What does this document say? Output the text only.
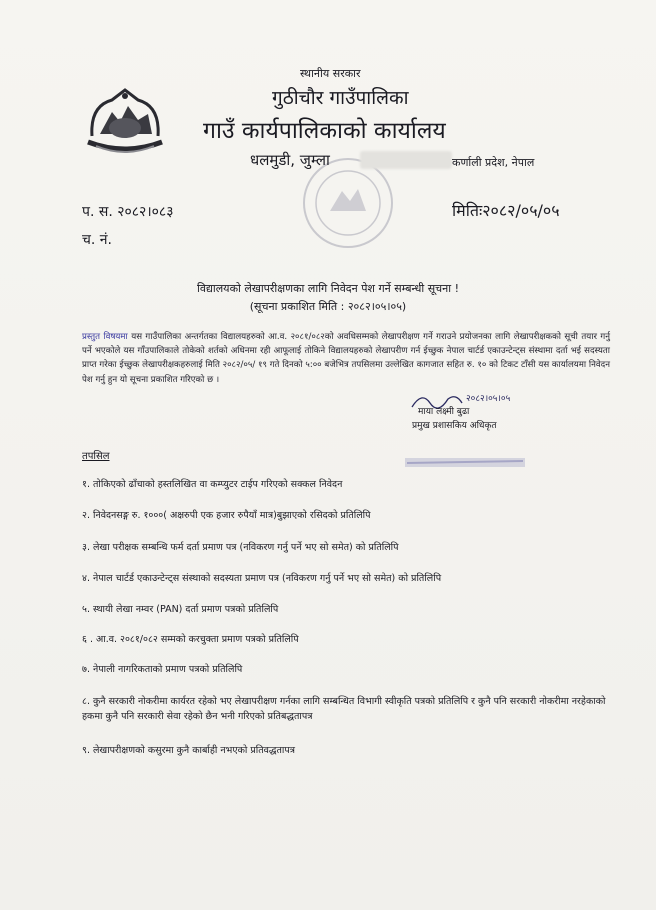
स्थानीय सरकार
गुठीचौर गाउँपालिका
गाउँ कार्यपालिकाको कार्यालय
धलमुडी, जुम्ला	कर्णाली प्रदेश, नेपाल
प. स. २०८२।०८३
च. नं.
मितिः२०८२/०५/०५
विद्यालयको लेखापरीक्षणका लागि निवेदन पेश गर्ने सम्बन्धी सूचना !
(सूचना प्रकाशित मिति : २०८२।०५।०५)
प्रस्तुत विषयमा यस गाउँपालिका अन्तर्गतका विद्यालयहरुको आ.व. २०८१/०८२को अवधिसम्मको लेखापरीक्षण गर्ने गराउने प्रयोजनका लागि लेखापरीक्षकको सूची तयार गर्नु पर्ने भएकोले यस गाँउपालिकाले तोकेको शर्तको अधिनमा रही आफूलाई तोकिने विद्यालयहरुको लेखापरीण गर्न ईच्छुक नेपाल चार्टर्ड एकाउन्टेन्ट्स संस्थामा दर्ता भई सदस्यता प्राप्त गरेका ईच्छुक लेखापरीक्षकहरुलाई मिति २०८२/०५/ १९ गते दिनको ५:०० बजेभित्र तपसिलमा उल्लेखित कागजात सहित रु. १० को टिकट टाँसी यस कार्यालयमा निवेदन पेश गर्नु हुन यो सूचना प्रकाशित गरिएको छ ।
२०८२।०५।०५
माया लक्ष्मी बुढा
प्रमुख प्रशासकिय अधिकृत
तपसिल
१. तोकिएको ढाँचाको हस्तलिखित वा कम्प्युटर टाईप गरिएको सक्कल निवेदन
२. निवेदनसङ्ग रु. १०००( अक्षरुपी एक हजार रुपैयाँ मात्र)बुझाएको रसिदको प्रतिलिपि
३. लेखा परीक्षक सम्बन्धि फर्म दर्ता प्रमाण पत्र (नविकरण गर्नु पर्ने भए सो समेत) को प्रतिलिपि
४. नेपाल चार्टर्ड एकाउन्टेन्ट्स संस्थाको सदस्यता प्रमाण पत्र (नविकरण गर्नु पर्ने भए सो समेत) को प्रतिलिपि
५. स्थायी लेखा नम्वर (PAN) दर्ता प्रमाण पत्रको प्रतिलिपि
६ . आ.व. २०८१/०८२ सम्मको करचुक्ता प्रमाण पत्रको प्रतिलिपि
७. नेपाली नागरिकताको प्रमाण पत्रको प्रतिलिपि
८. कुनै सरकारी नोकरीमा कार्यरत रहेको भए लेखापरीक्षण गर्नका लागि सम्बन्धित विभागी स्वीकृति पत्रको प्रतिलिपि र कुनै पनि सरकारी नोकरीमा नरहेकाको हकमा कुनै पनि सरकारी सेवा रहेको छैन भनी गरिएको प्रतिबद्धतापत्र
९. लेखापरीक्षणको कसुरमा कुनै कार्बाही नभएको प्रतिवद्धतापत्र
